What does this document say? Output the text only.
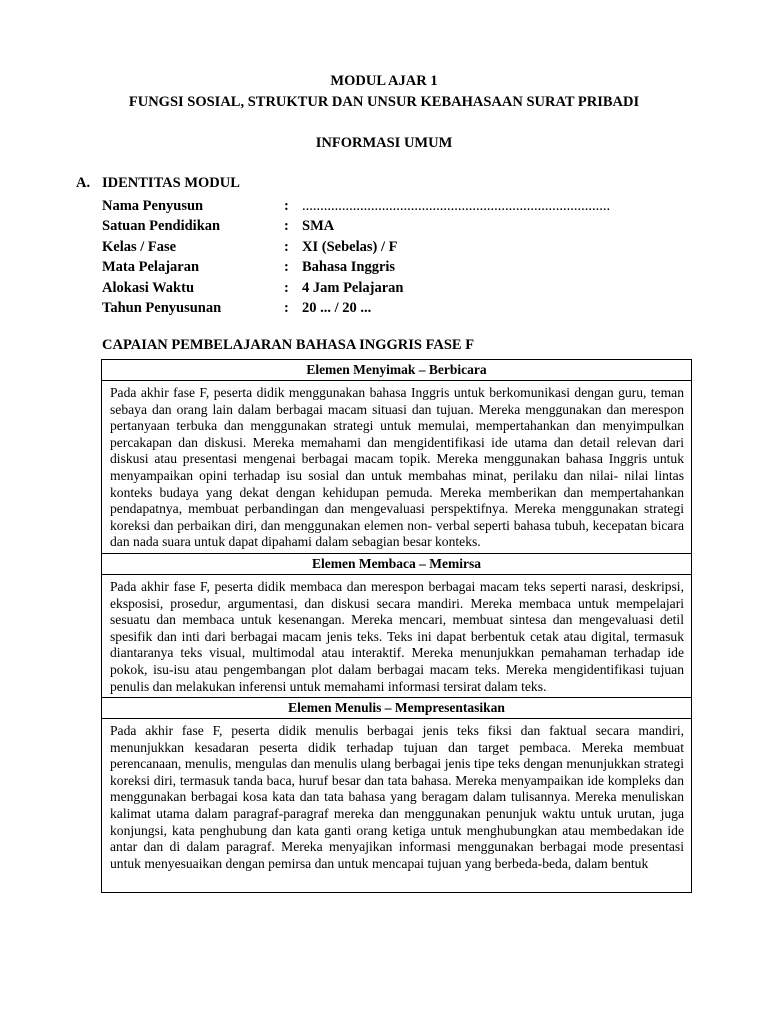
MODUL AJAR 1
FUNGSI SOSIAL, STRUKTUR DAN UNSUR KEBAHASAAN SURAT PRIBADI
INFORMASI UMUM
A. IDENTITAS MODUL
Nama Penyusun	: .....................................................................................
Satuan Pendidikan	: SMA
Kelas / Fase	: XI (Sebelas) / F
Mata Pelajaran	: Bahasa Inggris
Alokasi Waktu	: 4 Jam Pelajaran
Tahun Penyusunan	: 20 ... / 20 ...
CAPAIAN PEMBELAJARAN BAHASA INGGRIS FASE F
Elemen Menyimak – Berbicara
Pada akhir fase F, peserta didik menggunakan bahasa Inggris untuk berkomunikasi dengan guru, teman sebaya dan orang lain dalam berbagai macam situasi dan tujuan. Mereka menggunakan dan merespon pertanyaan terbuka dan menggunakan strategi untuk memulai, mempertahankan dan menyimpulkan percakapan dan diskusi. Mereka memahami dan mengidentifikasi ide utama dan detail relevan dari diskusi atau presentasi mengenai berbagai macam topik. Mereka menggunakan bahasa Inggris untuk menyampaikan opini terhadap isu sosial dan untuk membahas minat, perilaku dan nilai- nilai lintas konteks budaya yang dekat dengan kehidupan pemuda. Mereka memberikan dan mempertahankan pendapatnya, membuat perbandingan dan mengevaluasi perspektifnya. Mereka menggunakan strategi koreksi dan perbaikan diri, dan menggunakan elemen non- verbal seperti bahasa tubuh, kecepatan bicara dan nada suara untuk dapat dipahami dalam sebagian besar konteks.
Elemen Membaca – Memirsa
Pada akhir fase F, peserta didik membaca dan merespon berbagai macam teks seperti narasi, deskripsi, eksposisi, prosedur, argumentasi, dan diskusi secara mandiri. Mereka membaca untuk mempelajari sesuatu dan membaca untuk kesenangan. Mereka mencari, membuat sintesa dan mengevaluasi detil spesifik dan inti dari berbagai macam jenis teks. Teks ini dapat berbentuk cetak atau digital, termasuk diantaranya teks visual, multimodal atau interaktif. Mereka menunjukkan pemahaman terhadap ide pokok, isu-isu atau pengembangan plot dalam berbagai macam teks. Mereka mengidentifikasi tujuan penulis dan melakukan inferensi untuk memahami informasi tersirat dalam teks.
Elemen Menulis – Mempresentasikan

Pada akhir fase F, peserta didik menulis berbagai jenis teks fiksi dan faktual secara mandiri, menunjukkan kesadaran peserta didik terhadap tujuan dan target pembaca. Mereka membuat perencanaan, menulis, mengulas dan menulis ulang berbagai jenis tipe teks dengan menunjukkan strategi koreksi diri, termasuk tanda baca, huruf besar dan tata bahasa. Mereka menyampaikan ide kompleks dan menggunakan berbagai kosa kata dan tata bahasa yang beragam dalam tulisannya. Mereka menuliskan kalimat utama dalam paragraf-paragraf mereka dan menggunakan penunjuk waktu untuk urutan, juga konjungsi, kata penghubung dan kata ganti orang ketiga untuk menghubungkan atau membedakan ide antar dan di dalam paragraf. Mereka menyajikan informasi menggunakan berbagai mode presentasi untuk menyesuaikan dengan pemirsa dan untuk mencapai tujuan yang berbeda-beda, dalam bentuk
